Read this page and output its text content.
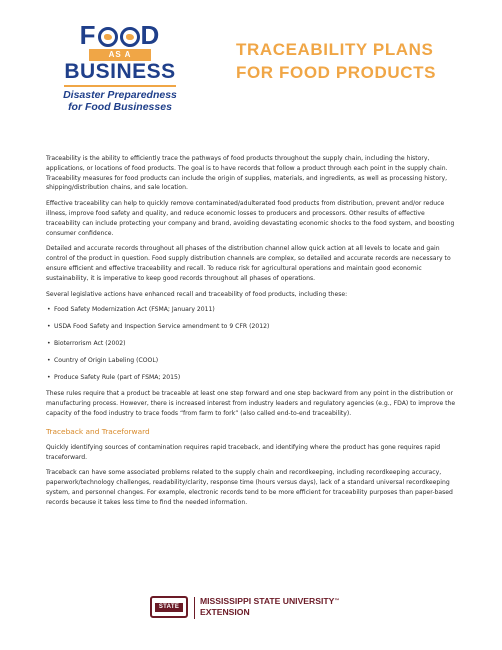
F D
AS A
BUSINESS
Disaster Preparedness
for Food Businesses
TRACEABILITY PLANS
FOR FOOD PRODUCTS

Traceability is the ability to efficiently trace the pathways of food products throughout the supply chain, including the history, applications, or locations of food products. The goal is to have records that follow a product through each point in the supply chain. Traceability measures for food products can include the origin of supplies, materials, and ingredients, as well as processing history, shipping/distribution chains, and sale location.

Effective traceability can help to quickly remove contaminated/adulterated food products from distribution, prevent and/or reduce illness, improve food safety and quality, and reduce economic losses to producers and processors. Other results of effective traceability can include protecting your company and brand, avoiding devastating economic shocks to the food system, and boosting consumer confidence.

Detailed and accurate records throughout all phases of the distribution channel allow quick action at all levels to locate and gain control of the product in question. Food supply distribution channels are complex, so detailed and accurate records are necessary to ensure efficient and effective traceability and recall. To reduce risk for agricultural operations and maintain good economic sustainability, it is imperative to keep good records throughout all phases of operations.

Several legislative actions have enhanced recall and traceability of food products, including these:

• Food Safety Modernization Act (FSMA; January 2011)
• USDA Food Safety and Inspection Service amendment to 9 CFR (2012)
• Bioterrorism Act (2002)
• Country of Origin Labeling (COOL)
• Produce Safety Rule (part of FSMA; 2015)

These rules require that a product be traceable at least one step forward and one step backward from any point in the distribution or manufacturing process. However, there is increased interest from industry leaders and regulatory agencies (e.g., FDA) to improve the capacity of the food industry to trace foods “from farm to fork” (also called end-to-end traceability).

Traceback and Traceforward

Quickly identifying sources of contamination requires rapid traceback, and identifying where the product has gone requires rapid traceforward.

Traceback can have some associated problems related to the supply chain and recordkeeping, including recordkeeping accuracy, paperwork/technology challenges, readability/clarity, response time (hours versus days), lack of a standard universal recordkeeping system, and personnel changes. For example, electronic records tend to be more efficient for traceability purposes than paper-based records because it takes less time to find the needed information.

STATE
MISSISSIPPI STATE UNIVERSITY™
EXTENSION
